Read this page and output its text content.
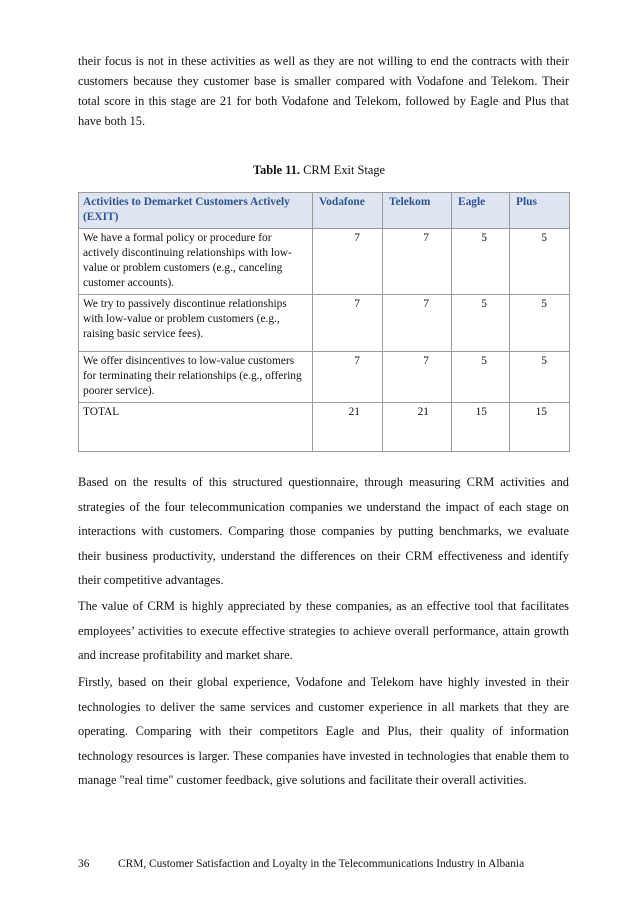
their focus is not in these activities as well as they are not willing to end the contracts with their customers because they customer base is smaller compared with Vodafone and Telekom. Their total score in this stage are 21 for both Vodafone and Telekom, followed by Eagle and Plus that have both 15.

Table 11. CRM Exit Stage

Activities to Demarket Customers Actively (EXIT)	Vodafone	Telekom	Eagle	Plus
We have a formal policy or procedure for actively discontinuing relationships with low-value or problem customers (e.g., canceling customer accounts).	7	7	5	5
We try to passively discontinue relationships with low-value or problem customers (e.g., raising basic service fees).	7	7	5	5
We offer disincentives to low-value customers for terminating their relationships (e.g., offering poorer service).	7	7	5	5
TOTAL	21	21	15	15

Based on the results of this structured questionnaire, through measuring CRM activities and strategies of the four telecommunication companies we understand the impact of each stage on interactions with customers. Comparing those companies by putting benchmarks, we evaluate their business productivity, understand the differences on their CRM effectiveness and identify their competitive advantages.

The value of CRM is highly appreciated by these companies, as an effective tool that facilitates employees’ activities to execute effective strategies to achieve overall performance, attain growth and increase profitability and market share.

Firstly, based on their global experience, Vodafone and Telekom have highly invested in their technologies to deliver the same services and customer experience in all markets that they are operating. Comparing with their competitors Eagle and Plus, their quality of information technology resources is larger. These companies have invested in technologies that enable them to manage "real time" customer feedback, give solutions and facilitate their overall activities.

36	CRM, Customer Satisfaction and Loyalty in the Telecommunications Industry in Albania
